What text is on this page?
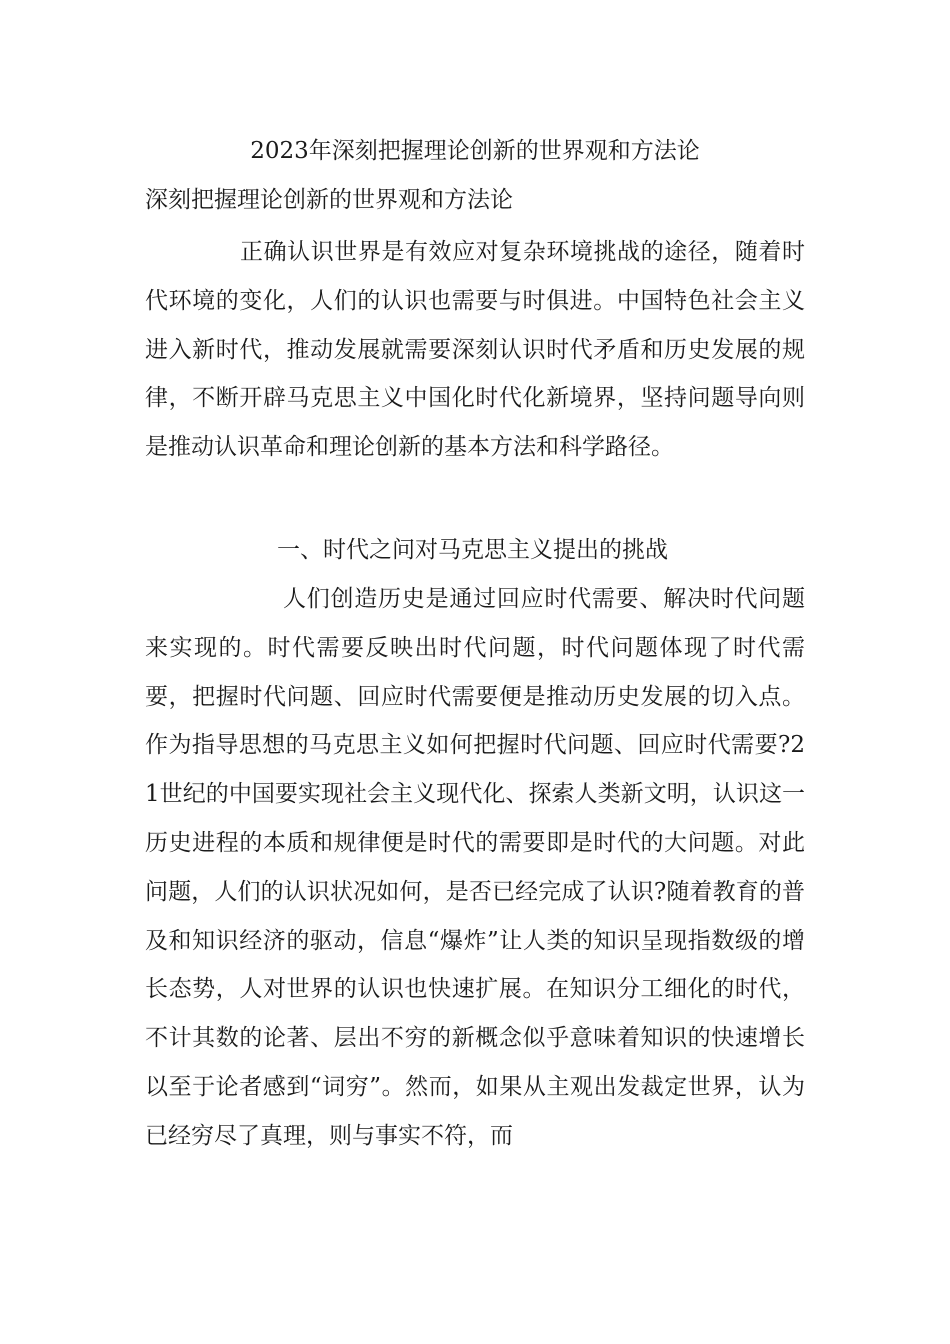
2023年深刻把握理论创新的世界观和方法论
深刻把握理论创新的世界观和方法论

正确认识世界是有效应对复杂环境挑战的途径，随着时代环境的变化，人们的认识也需要与时俱进。中国特色社会主义进入新时代，推动发展就需要深刻认识时代矛盾和历史发展的规律，不断开辟马克思主义中国化时代化新境界，坚持问题导向则是推动认识革命和理论创新的基本方法和科学路径。

一、时代之问对马克思主义提出的挑战

人们创造历史是通过回应时代需要、解决时代问题来实现的。时代需要反映出时代问题，时代问题体现了时代需要，把握时代问题、回应时代需要便是推动历史发展的切入点。作为指导思想的马克思主义如何把握时代问题、回应时代需要?21世纪的中国要实现社会主义现代化、探索人类新文明，认识这一历史进程的本质和规律便是时代的需要即是时代的大问题。对此问题，人们的认识状况如何，是否已经完成了认识?随着教育的普及和知识经济的驱动，信息“爆炸”让人类的知识呈现指数级的增长态势，人对世界的认识也快速扩展。在知识分工细化的时代，不计其数的论著、层出不穷的新概念似乎意味着知识的快速增长以至于论者感到“词穷”。然而，如果从主观出发裁定世界，认为已经穷尽了真理，则与事实不符，而
